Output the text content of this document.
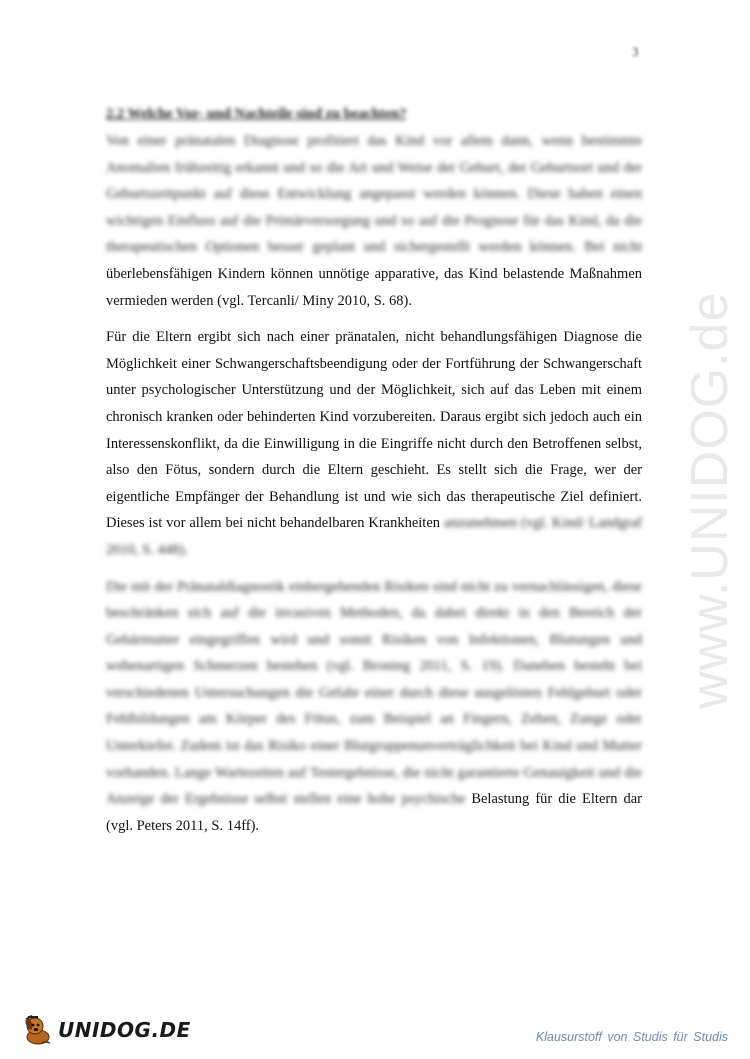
3
www.UNIDOG.de
2.2 Welche Vor- und Nachteile sind zu beachten?

Von einer pränatalen Diagnose profitiert das Kind vor allem dann, wenn bestimmte Anomalien frühzeitig erkannt und so die Art und Weise der Geburt, der Geburtsort und der Geburtszeitpunkt auf diese Entwicklung angepasst werden können. Diese haben einen wichtigen Einfluss auf die Primärversorgung und so auf die Prognose für das Kind, da die therapeutischen Optionen besser geplant und sichergestellt werden können. Bei nicht überlebensfähigen Kindern können unnötige apparative, das Kind belastende Maßnahmen vermieden werden (vgl. Tercanli/ Miny 2010, S. 68).

Für die Eltern ergibt sich nach einer pränatalen, nicht behandlungsfähigen Diagnose die Möglichkeit einer Schwangerschaftsbeendigung oder der Fortführung der Schwangerschaft unter psychologischer Unterstützung und der Möglichkeit, sich auf das Leben mit einem chronisch kranken oder behinderten Kind vorzubereiten. Daraus ergibt sich jedoch auch ein Interessenskonflikt, da die Einwilligung in die Eingriffe nicht durch den Betroffenen selbst, also den Fötus, sondern durch die Eltern geschieht. Es stellt sich die Frage, wer der eigentliche Empfänger der Behandlung ist und wie sich das therapeutische Ziel definiert. Dieses ist vor allem bei nicht behandelbaren Krankheiten anzunehmen (vgl. Kind/ Landgraf 2010, S. 448).

Die mit der Pränataldiagnostik einhergehenden Risiken sind nicht zu vernachlässigen, diese beschränken sich auf die invasiven Methoden, da dabei direkt in den Bereich der Gebärmutter eingegriffen wird und somit Risiken von Infektionen, Blutungen und wehenartigen Schmerzen bestehen (vgl. Broning 2011, S. 19). Daneben besteht bei verschiedenen Untersuchungen die Gefahr einer durch diese ausgelösten Fehlgeburt oder Fehlbildungen am Körper des Fötus, zum Beispiel an Fingern, Zehen, Zunge oder Unterkiefer. Zudem ist das Risiko einer Blutgruppenunverträglichkeit bei Kind und Mutter vorhanden. Lange Wartezeiten auf Testergebnisse, die nicht garantierte Genauigkeit und die Anzeige der Ergebnisse selbst stellen eine hohe psychische Belastung für die Eltern dar (vgl. Peters 2011, S. 14ff).

UNIDOG.DE	Klausurstoff von Studis für Studis
